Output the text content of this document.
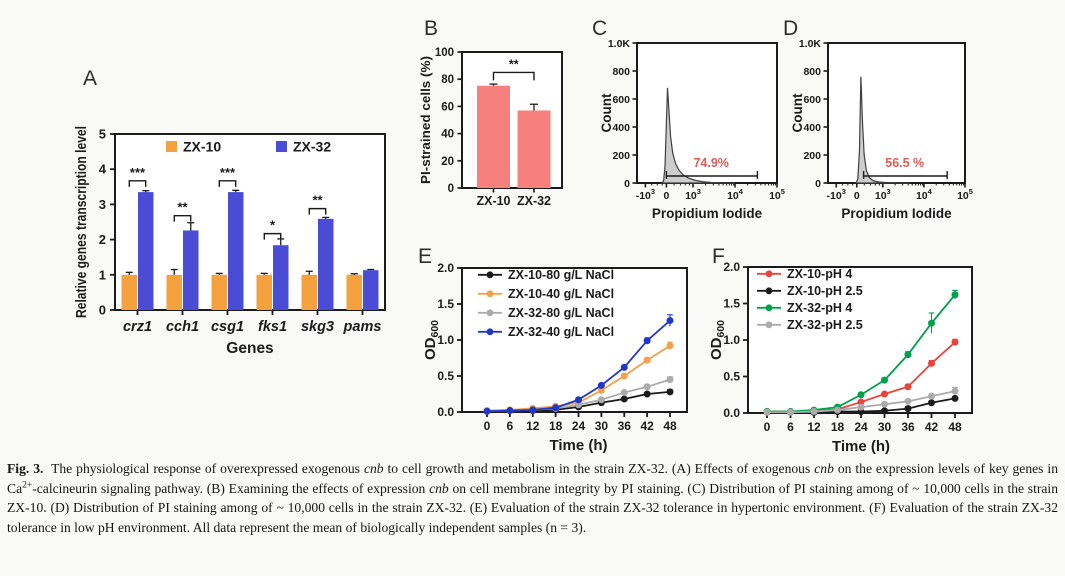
A
0
1
2
3
4
5
Relative genes transcription level
crz1 cch1 csg1 fks1 skg3 pams
Genes
ZX-10	ZX-32
***
**
***
*
**
B
0
20
40
60
80
100
PI-strained cells (%)
ZX-10 ZX-32
**
C
0
200
400
600
800
1.0K
$-10^3$ 0 $10^3$ $10^4$ $10^5$
Count
Propidium Iodide
74.9%
D
0
200
400
600
800
1.0K
$-10^3$ 0 $10^3$ $10^4$ $10^5$
Count
Propidium Iodide
56.5 %
E
0.0
0.5
1.0
1.5
2.0
0 6 12 18 24 30 36 42 48
$OD_{600}$
Time (h)
ZX-10-80 g/L NaCl
ZX-10-40 g/L NaCl
ZX-32-80 g/L NaCl
ZX-32-40 g/L NaCl
F
0.0
0.5
1.0
1.5
2.0
0 6 12 18 24 30 36 42 48
$OD_{600}$
Time (h)
ZX-10-pH 4
ZX-10-pH 2.5
ZX-32-pH 4
ZX-32-pH 2.5

Fig. 3.  The physiological response of overexpressed exogenous cnb to cell growth and metabolism in the strain ZX-32. (A) Effects of exogenous cnb on the expression levels of key genes in $Ca^{2+}$-calcineurin signaling pathway. (B) Examining the effects of expression cnb on cell membrane integrity by PI staining. (C) Distribution of PI staining among of ~ 10,000 cells in the strain ZX-10. (D) Distribution of PI staining among of ~ 10,000 cells in the strain ZX-32. (E) Evaluation of the strain ZX-32 tolerance in hypertonic environment. (F) Evaluation of the strain ZX-32 tolerance in low pH environment. All data represent the mean of biologically independent samples (n = 3).
